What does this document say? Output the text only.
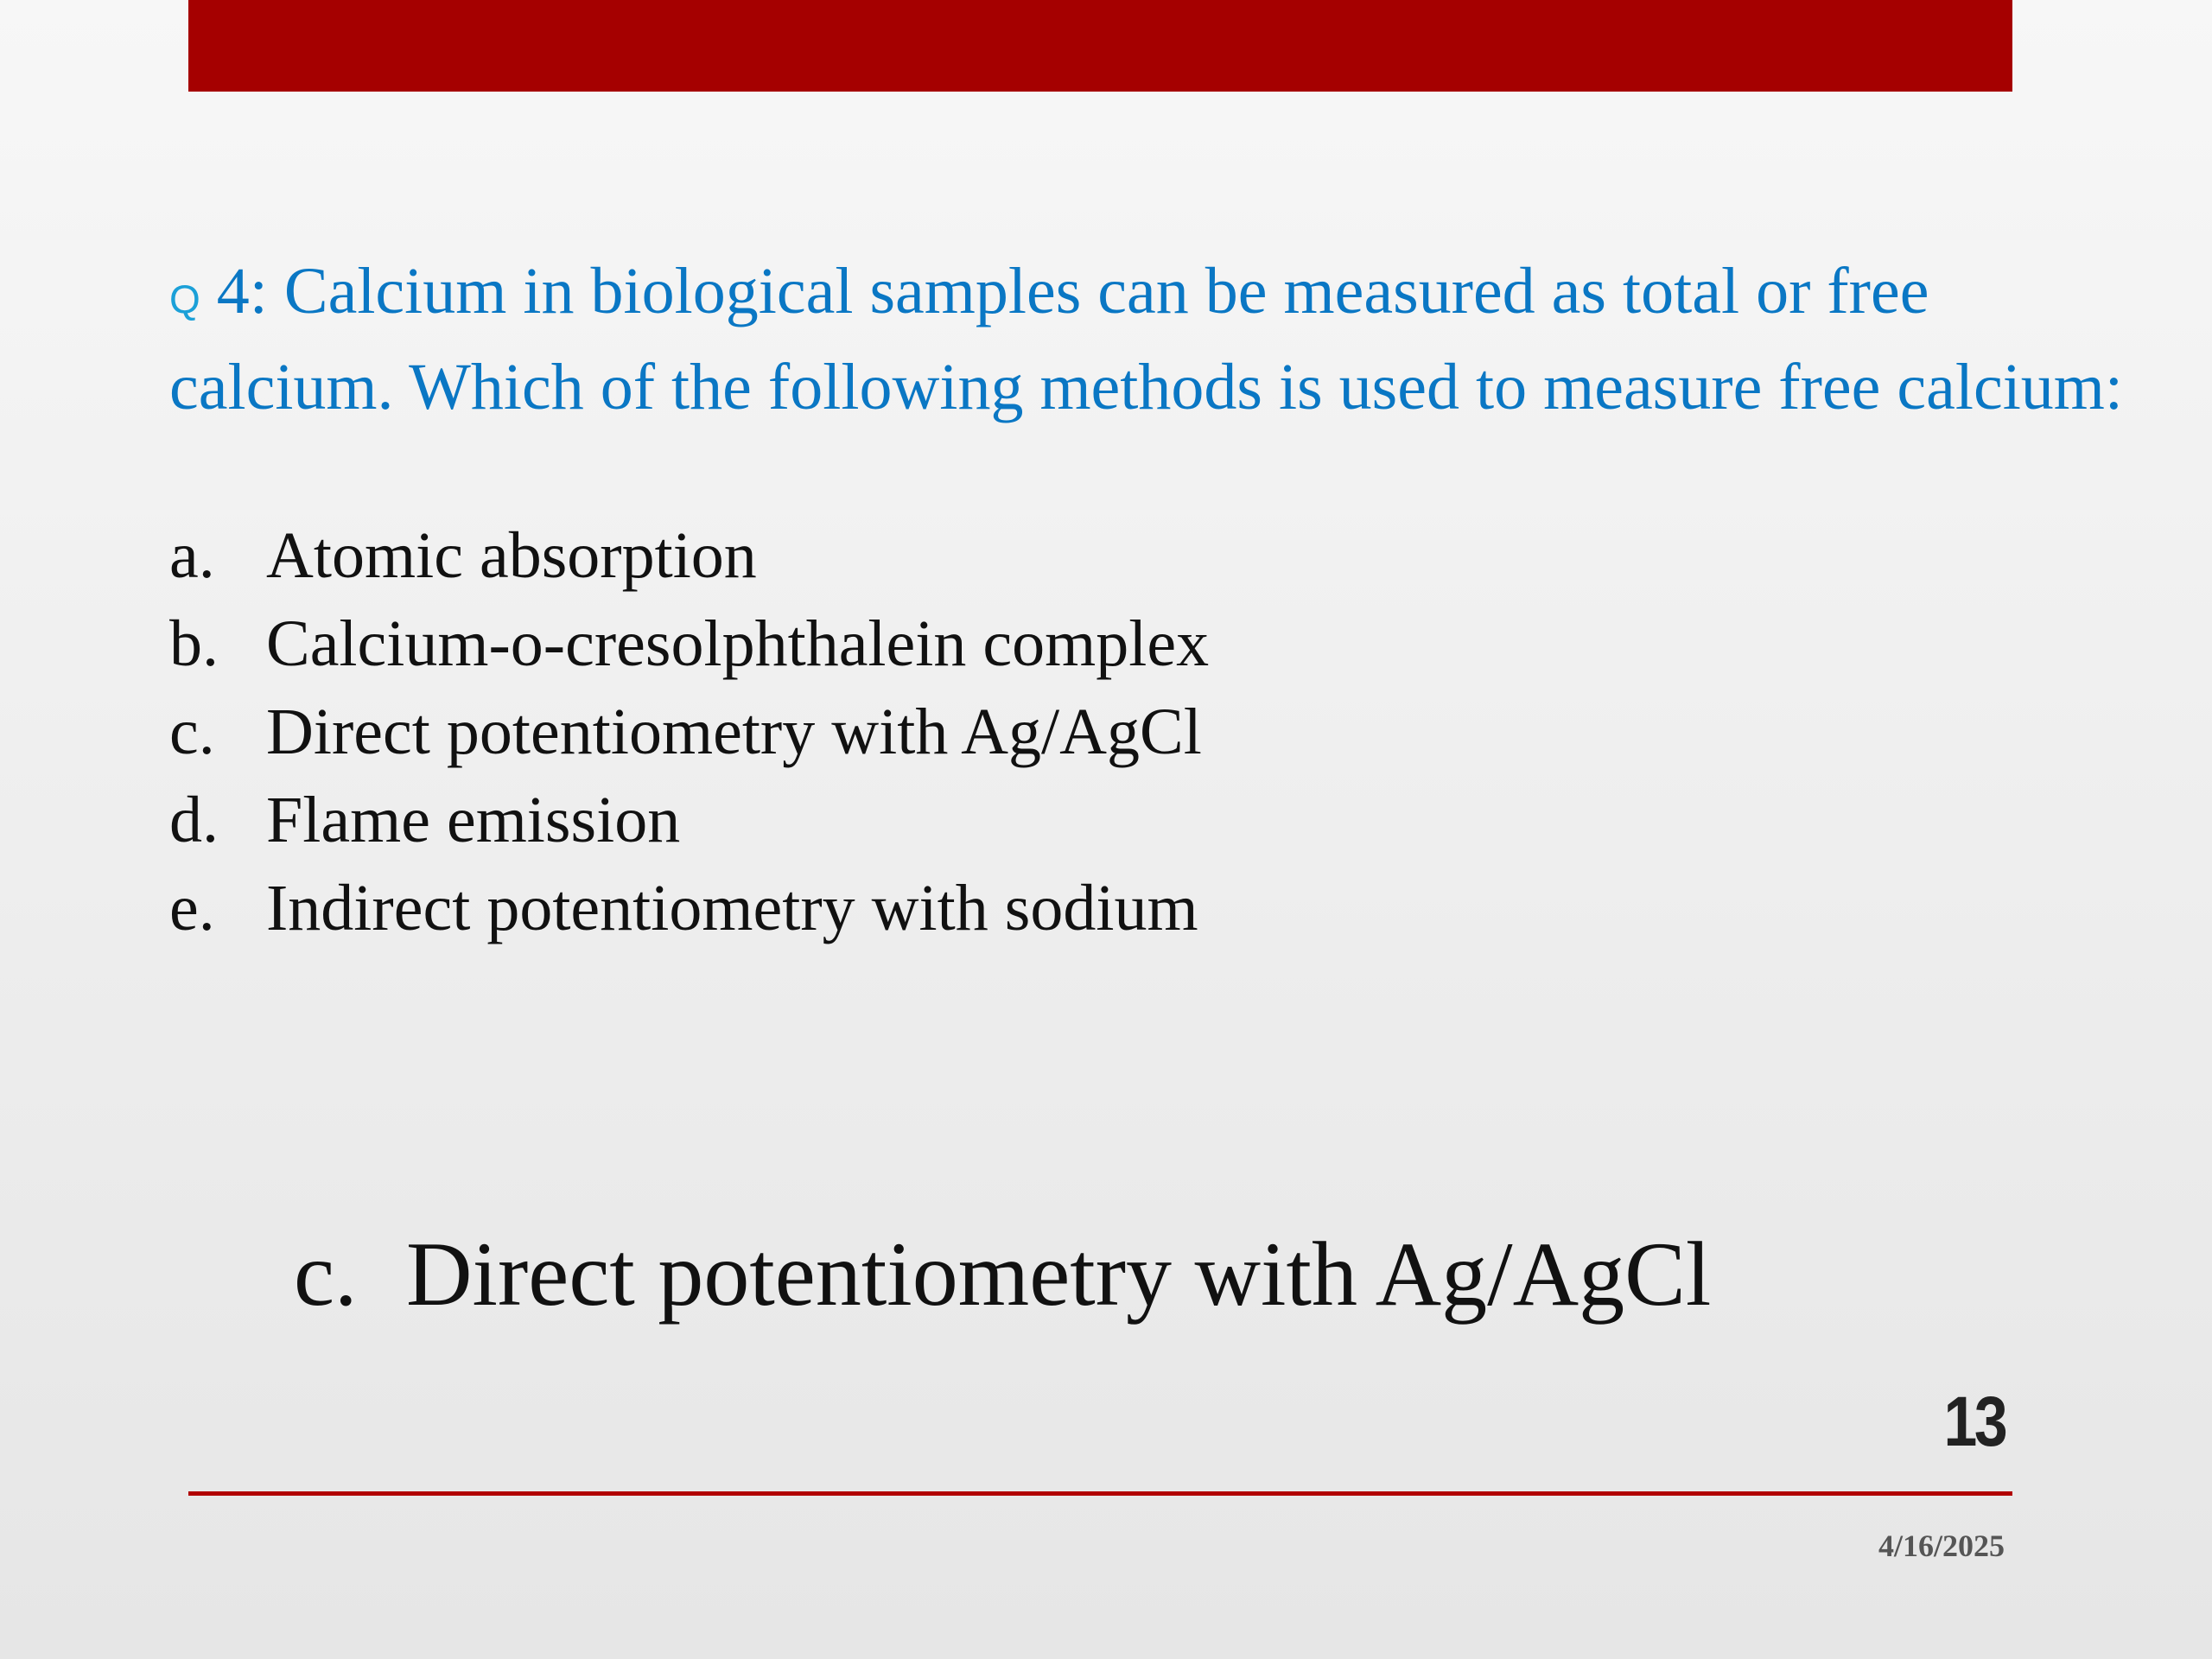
Q 4: Calcium in biological samples can be measured as total or free calcium. Which of the following methods is used to measure free calcium:

a. Atomic absorption
b. Calcium-o-cresolphthalein complex
c. Direct potentiometry with Ag/AgCl
d. Flame emission
e. Indirect potentiometry with sodium
c. Direct potentiometry with Ag/AgCl
13
4/16/2025
